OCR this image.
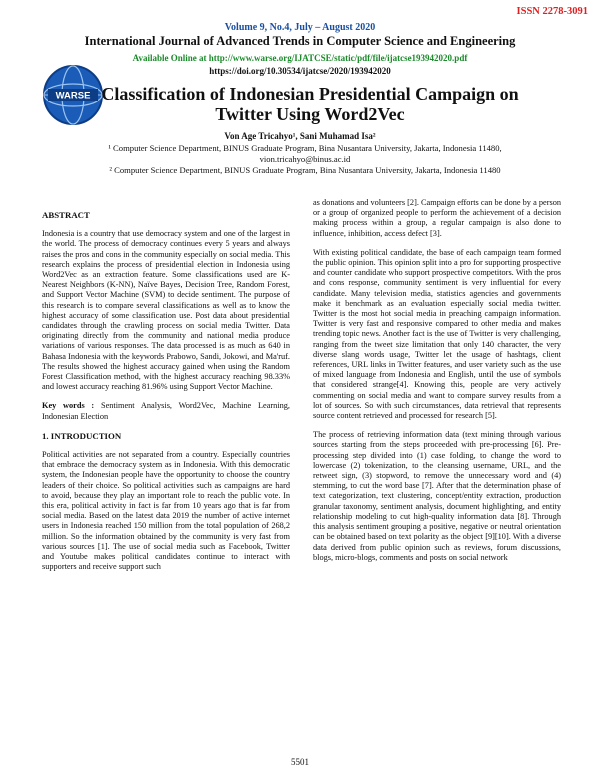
ISSN 2278-3091
Volume 9, No.4, July – August 2020
International Journal of Advanced Trends in Computer Science and Engineering
Available Online at http://www.warse.org/IJATCSE/static/pdf/file/ijatcse193942020.pdf
https://doi.org/10.30534/ijatcse/2020/193942020
WARSE Classification of Indonesian Presidential Campaign on Twitter Using Word2Vec
Von Age Tricahyo¹, Sani Muhamad Isa²
¹ Computer Science Department, BINUS Graduate Program, Bina Nusantara University, Jakarta, Indonesia 11480, vion.tricahyo@binus.ac.id
² Computer Science Department, BINUS Graduate Program, Bina Nusantara University, Jakarta, Indonesia 11480
ABSTRACT

Indonesia is a country that use democracy system and one of the largest in the world. The process of democracy continues every 5 years and always raises the pros and cons in the community especially on social media. This research explains the process of presidential election in Indonesia using Word2Vec as an extraction feature. Some classifications used are K-Nearest Neighbors (K-NN), Naïve Bayes, Decision Tree, Random Forest, and Support Vector Machine (SVM) to decide sentiment. The purpose of this research is to compare several classifications as well as to know the highest accuracy of some classification use. Post data about presidential candidates through the crawling process on social media Twitter. Data originating directly from the community and national media produce variations of various responses. The data processed is as much as 640 in Bahasa Indonesia with the keywords Prabowo, Sandi, Jokowi, and Ma'ruf. The results showed the highest accuracy gained when using the Random Forest Classification method, with the highest accuracy reaching 98.33% and lowest accuracy reaching 81.96% using Support Vector Machine.

Key words : Sentiment Analysis, Word2Vec, Machine Learning, Indonesian Election

1. INTRODUCTION

Political activities are not separated from a country. Especially countries that embrace the democracy system as in Indonesia. With this democratic system, the Indonesian people have the opportunity to choose the country leaders of their choice. So political activities such as campaigns are hard to avoid, because they play an important role to reach the public vote. In this era, political activity in fact is far from 10 years ago that is far from social media. Based on the latest data 2019 the number of active internet users in Indonesia reached 150 million from the total population of 268,2 million. So the information obtained by the community is very fast from various sources [1]. The use of social media such as Facebook, Twitter and Youtube makes political candidates continue to interact with supporters and receive support such

as donations and volunteers [2]. Campaign efforts can be done by a person or a group of organized people to perform the achievement of a decision making process within a group, a regular campaign is also done to influence, inhibition, access defect [3].

With existing political candidate, the base of each campaign team formed the public opinion. This opinion split into a pro for supporting prospective and counter candidate who support prospective competitors. With the pros and cons response, community sentiment is very influential for every candidate. Many television media, statistics agencies and governments make it benchmark as an evaluation especially social media twitter. Twitter is the most hot social media in preaching campaign information. Twitter is very fast and responsive compared to other media and makes trending topic news. Another fact is the use of Twitter is very challenging, ranging from the tweet size limitation that only 140 character, the very diverse slang words usage, Twitter let the usage of hashtags, client references, URL links in Twitter features, and user variety such as the use of mixed language from Indonesia and English, until the use of symbols that considered strange[4]. Knowing this, people are very actively commenting on social media and want to compare survey results from a lot of sources. So with such circumstances, data retrieval that represents source content retrieved and processed for research [5].

The process of retrieving information data (text mining through various sources starting from the steps proceeded with pre-processing [6]. Pre-processing step divided into (1) case folding, to change the word to lowercase (2) tokenization, to the cleansing username, URL, and the retweet sign, (3) stopword, to remove the unnecessary word and (4) stemming, to cut the word base [7]. After that the determination phase of text categorization, text clustering, concept/entity extraction, production granular taxonomy, sentiment analysis, document highlighting, and entity relationship modeling to cut high-quality information data [8]. Through this analysis sentiment grouping a positive, negative or neutral orientation can be obtained based on text polarity as the object [9][10]. With a diverse data derived from public opinion such as reviews, forum discussions, blogs, micro-blogs, comments and posts on social network

5501
